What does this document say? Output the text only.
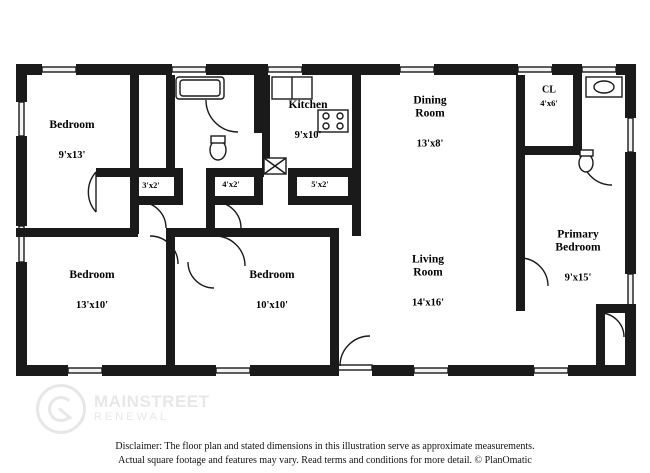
Bedroom

9'x13'

Kitchen

9'x10'

Dining
Room

13'x8'

Primary
Bedroom

9'x15'

Bedroom

13'x10'

Bedroom

10'x10'

Living
Room

14'x16'

CL
4'x6'
3'x2'	4'x2'	5'x2'
MAINSTREET
RENEWAL
Disclaimer: The floor plan and stated dimensions in this illustration serve as approximate measurements.
Actual square footage and features may vary. Read terms and conditions for more detail. © PlanOmatic
